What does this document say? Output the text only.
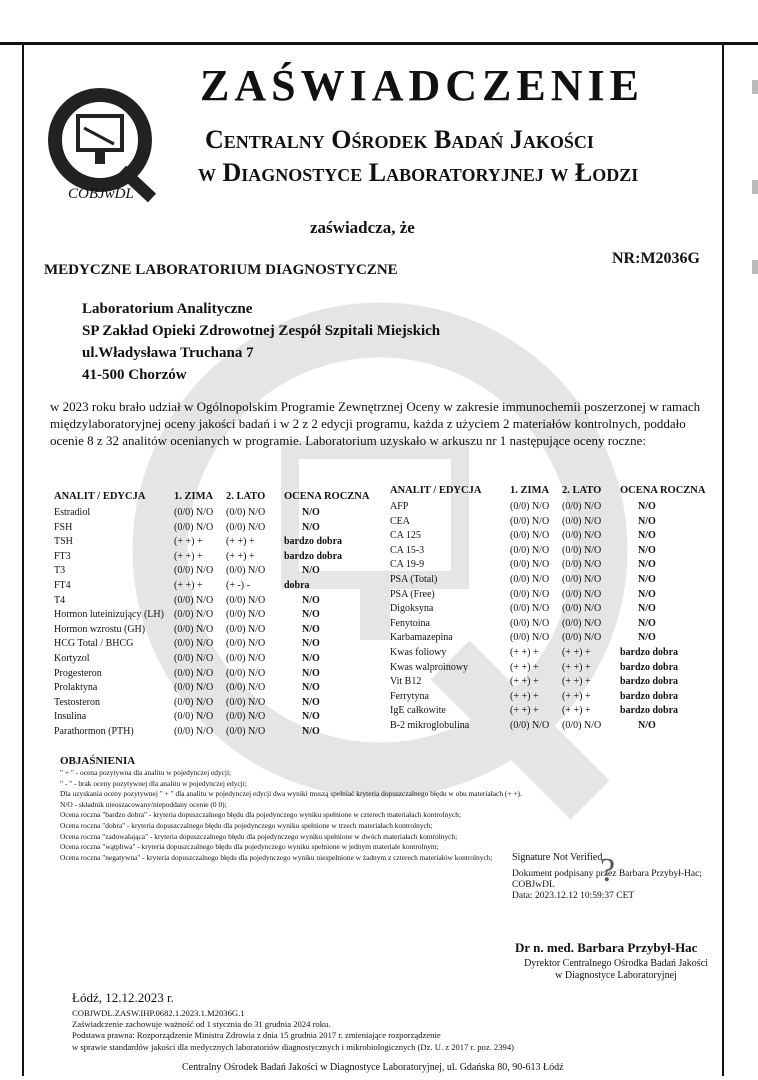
COBJwDL
ZAŚWIADCZENIE
Centralny Ośrodek Badań Jakości
w Diagnostyce Laboratoryjnej w Łodzi
zaświadcza, że
MEDYCZNE LABORATORIUM DIAGNOSTYCZNE
NR:M2036G
Laboratorium Analityczne
SP Zakład Opieki Zdrowotnej Zespół Szpitali Miejskich
ul.Władysława Truchana 7
41-500 Chorzów
w 2023 roku brało udział w Ogólnopolskim Programie Zewnętrznej Oceny w zakresie immunochemii poszerzonej w ramach międzylaboratoryjnej oceny jakości badań i w 2 z 2 edycji programu, każda z użyciem 2 materiałów kontrolnych, poddało ocenie 8 z 32 analitów ocenianych w programie. Laboratorium uzyskało w arkuszu nr 1 następujące oceny roczne:
ANALIT / EDYCJA	1. ZIMA 2. LATO OCENA ROCZNA
Estradiol	(0/0) N/O (0/0) N/O	N/O
FSH	(0/0) N/O (0/0) N/O	N/O
TSH	(+ +) + (+ +) +	bardzo dobra
FT3	(+ +) + (+ +) +	bardzo dobra
T3	(0/0) N/O (0/0) N/O	N/O
FT4	(+ +) + (+ -) -	dobra
T4	(0/0) N/O (0/0) N/O	N/O
Hormon luteinizujący (LH) (0/0) N/O (0/0) N/O	N/O
Hormon wzrostu (GH)	(0/0) N/O (0/0) N/O	N/O
HCG Total / BHCG	(0/0) N/O (0/0) N/O	N/O
Kortyzol	(0/0) N/O (0/0) N/O	N/O
Progesteron	(0/0) N/O (0/0) N/O	N/O
Prolaktyna	(0/0) N/O (0/0) N/O	N/O
Testosteron	(0/0) N/O (0/0) N/O	N/O
Insulina	(0/0) N/O (0/0) N/O	N/O
Parathormon (PTH)	(0/0) N/O (0/0) N/O	N/O
ANALIT / EDYCJA	1. ZIMA 2. LATO OCENA ROCZNA
AFP	(0/0) N/O (0/0) N/O	N/O
CEA	(0/0) N/O (0/0) N/O	N/O
CA 125	(0/0) N/O (0/0) N/O	N/O
CA 15-3	(0/0) N/O (0/0) N/O	N/O
CA 19-9	(0/0) N/O (0/0) N/O	N/O
PSA (Total)	(0/0) N/O (0/0) N/O	N/O
PSA (Free)	(0/0) N/O (0/0) N/O	N/O
Digoksyna	(0/0) N/O (0/0) N/O	N/O
Fenytoina	(0/0) N/O (0/0) N/O	N/O
Karbamazepina	(0/0) N/O (0/0) N/O	N/O
Kwas foliowy	(+ +) + (+ +) +	bardzo dobra
Kwas walproinowy	(+ +) + (+ +) +	bardzo dobra
Vit B12	(+ +) + (+ +) +	bardzo dobra
Ferrytyna	(+ +) + (+ +) +	bardzo dobra
IgE całkowite	(+ +) + (+ +) +	bardzo dobra
B-2 mikroglobulina	(0/0) N/O (0/0) N/O	N/O
OBJAŚNIENIA
" + " - ocena pozytywna dla analitu w pojedynczej edycji;
" - " - brak oceny pozytywnej dla analitu w pojedynczej edycji;
Dla uzyskania oceny pozytywnej " + " dla analitu w pojedynczej edycji dwa wyniki muszą spełniać kryteria dopuszczalnego błędu w obu materiałach (+ +).
N/O - składnik nieoszacowany/niepoddany ocenie (0 0);
Ocena roczna "bardzo dobra" - kryteria dopuszczalnego błędu dla pojedynczego wyniku spełnione w czterech materiałach kontrolnych;
Ocena roczna "dobra" - kryteria dopuszczalnego błędu dla pojedynczego wyniku spełnione w trzech materiałach kontrolnych;
Ocena roczna "zadowalająca" - kryteria dopuszczalnego błędu dla pojedynczego wyniku spełnione w dwóch materiałach kontrolnych;
Ocena roczna "wątpliwa" - kryteria dopuszczalnego błędu dla pojedynczego wyniku spełnione w jednym materiale kontrolnym;
Ocena roczna "negatywna" - kryteria dopuszczalnego błędu dla pojedynczego wyniku niespełnione w żadnym z czterech materiałów kontrolnych;	Signature Not Verified
Dokument podpisany przez Barbara Przybył-Hac;
COBJwDL
Data: 2023.12.12 10:59:37 CET
?
Dr n. med. Barbara Przybył-Hac
Dyrektor Centralnego Ośrodka Badań Jakości
w Diagnostyce Laboratoryjnej
Łódź, 12.12.2023 r.
COBJWDL.ZASW.IHP.0682.1.2023.1.M2036G.1
Zaświadczenie zachowuje ważność od 1 stycznia do 31 grudnia 2024 roku.
Podstawa prawna: Rozporządzenie Ministra Zdrowia z dnia 15 grudnia 2017 r. zmieniające rozporządzenie
w sprawie standardów jakości dla medycznych laboratoriów diagnostycznych i mikrobiologicznych (Dz. U. z 2017 r. poz. 2394)
Centralny Ośrodek Badań Jakości w Diagnostyce Laboratoryjnej, ul. Gdańska 80, 90-613 Łódź
